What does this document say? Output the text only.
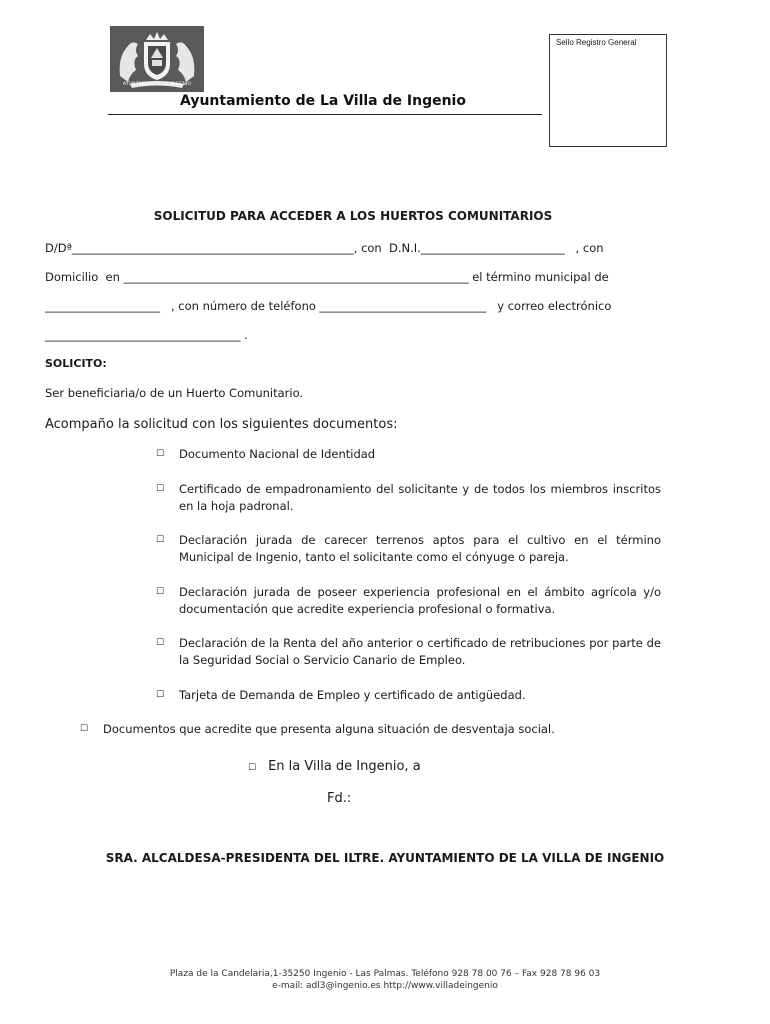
AYUNTAMIENTO DE INGENIO
Ayuntamiento de La Villa de Ingenio
Sello Registro General
SOLICITUD PARA ACCEDER A LOS HUERTOS COMUNITARIOS
D/Dª_________________________________________________, con  D.N.I._________________________   , con
Domicilio  en ____________________________________________________________ el término municipal de
____________________   , con número de teléfono _____________________________   y correo electrónico
__________________________________ .
SOLICITO:
Ser beneficiaria/o de un Huerto Comunitario.
Acompaño la solicitud con los siguientes documentos:
☐ Documento Nacional de Identidad
☐ Certificado de empadronamiento del solicitante y de todos los miembros inscritos en la hoja padronal.
☐ Declaración jurada de carecer terrenos aptos para el cultivo en el término Municipal de Ingenio, tanto el solicitante como el cónyuge o pareja.
☐ Declaración jurada de poseer experiencia profesional en el ámbito agrícola y/o documentación que acredite experiencia profesional o formativa.
☐ Declaración de la Renta del año anterior o certificado de retribuciones por parte de la Seguridad Social o Servicio Canario de Empleo.
☐ Tarjeta de Demanda de Empleo y certificado de antigüedad.
☐ Documentos que acredite que presenta alguna situación de desventaja social.
☐ En la Villa de Ingenio, a
Fd.:
SRA. ALCALDESA-PRESIDENTA DEL ILTRE. AYUNTAMIENTO DE LA VILLA DE INGENIO
Plaza de la Candelaria,1-35250 Ingenio - Las Palmas. Teléfono 928 78 00 76 – Fax 928 78 96 03
e-mail: adl3@ingenio.es http://www.villadeingenio
